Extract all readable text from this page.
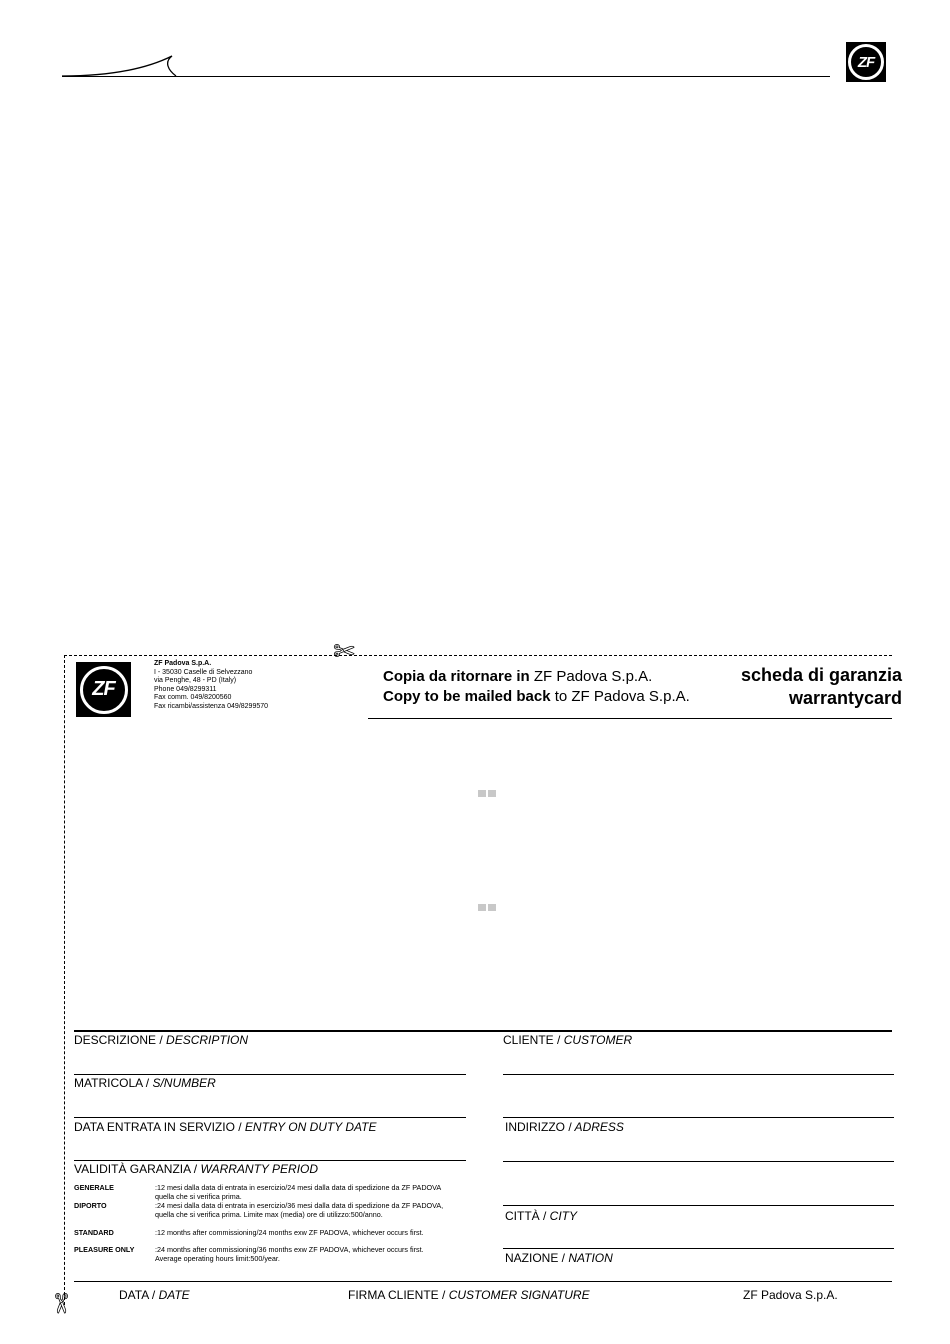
ZF
✄
✄
ZF
ZF Padova S.p.A.
I - 35030 Caselle di Selvezzano
via Penghe, 48 - PD (Italy)
Phone 049/8299311
Fax comm. 049/8200560
Fax ricambi/assistenza 049/8299570
Copia da ritornare in ZF Padova S.p.A.
Copy to be mailed back to ZF Padova S.p.A.
scheda di garanzia
warrantycard
DESCRIZIONE / DESCRIPTION
MATRICOLA / S/NUMBER
DATA ENTRATA IN SERVIZIO / ENTRY ON DUTY DATE
VALIDITÀ GARANZIA / WARRANTY PERIOD
GENERALE	:12 mesi dalla data di entrata in esercizio/24 mesi dalla data di spedizione da ZF PADOVA
quella che si verifica prima.
DIPORTO	:24 mesi dalla data di entrata in esercizio/36 mesi dalla data di spedizione da ZF PADOVA,
quella che si verifica prima. Limite max (media) ore di utilizzo:500/anno.
STANDARD	:12 months after commissioning/24 months exw ZF PADOVA, whichever occurs first.
PLEASURE ONLY	:24 months after commissioning/36 months exw ZF PADOVA, whichever occurs first.
Average operating hours limit:500/year.
CLIENTE / CUSTOMER
INDIRIZZO / ADRESS
CITTÀ / CITY
NAZIONE / NATION
DATA / DATE	FIRMA CLIENTE / CUSTOMER SIGNATURE	ZF Padova S.p.A.
